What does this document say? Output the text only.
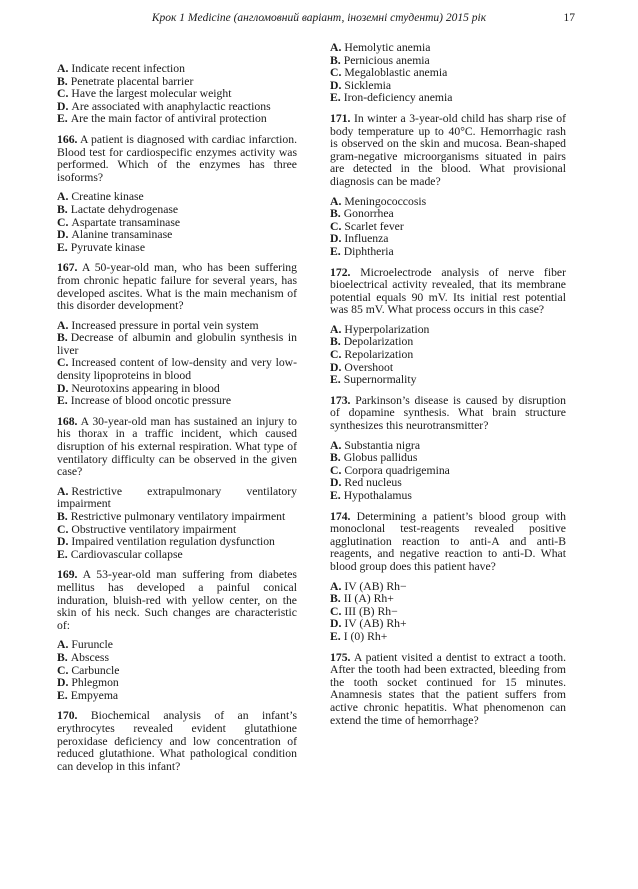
Крок 1 Medicine (англомовний варіант, іноземні студенти) 2015 рік	17
A. Indicate recent infection
B. Penetrate placental barrier
C. Have the largest molecular weight
D. Are associated with anaphylactic reactions
E. Are the main factor of antiviral protection
166. A patient is diagnosed with cardiac infarction. Blood test for cardiospecific enzymes activity was performed. Which of the enzymes has three isoforms?
A. Creatine kinase
B. Lactate dehydrogenase
C. Aspartate transaminase
D. Alanine transaminase
E. Pyruvate kinase
167. A 50-year-old man, who has been suffering from chronic hepatic failure for several years, has developed ascites. What is the main mechanism of this disorder development?
A. Increased pressure in portal vein system
B. Decrease of albumin and globulin synthesis in liver
C. Increased content of low-density and very low-density lipoproteins in blood
D. Neurotoxins appearing in blood
E. Increase of blood oncotic pressure
168. A 30-year-old man has sustained an injury to his thorax in a traffic incident, which caused disruption of his external respiration. What type of ventilatory difficulty can be observed in the given case?
A. Restrictive extrapulmonary ventilatory impairment
B. Restrictive pulmonary ventilatory impairment
C. Obstructive ventilatory impairment
D. Impaired ventilation regulation dysfunction
E. Cardiovascular collapse
169. A 53-year-old man suffering from diabetes mellitus has developed a painful conical induration, bluish-red with yellow center, on the skin of his neck. Such changes are characteristic of:
A. Furuncle
B. Abscess
C. Carbuncle
D. Phlegmon
E. Empyema
170. Biochemical analysis of an infant’s erythrocytes revealed evident glutathione peroxidase deficiency and low concentration of reduced glutathione. What pathological condition can develop in this infant?
A. Hemolytic anemia
B. Pernicious anemia
C. Megaloblastic anemia
D. Sicklemia
E. Iron-deficiency anemia
171. In winter a 3-year-old child has sharp rise of body temperature up to 40°C. Hemorrhagic rash is observed on the skin and mucosa. Bean-shaped gram-negative microorganisms situated in pairs are detected in the blood. What provisional diagnosis can be made?
A. Meningococcosis
B. Gonorrhea
C. Scarlet fever
D. Influenza
E. Diphtheria
172. Microelectrode analysis of nerve fiber bioelectrical activity revealed, that its membrane potential equals 90 mV. Its initial rest potential was 85 mV. What process occurs in this case?
A. Hyperpolarization
B. Depolarization
C. Repolarization
D. Overshoot
E. Supernormality
173. Parkinson’s disease is caused by disruption of dopamine synthesis. What brain structure synthesizes this neurotransmitter?
A. Substantia nigra
B. Globus pallidus
C. Corpora quadrigemina
D. Red nucleus
E. Hypothalamus
174. Determining a patient’s blood group with monoclonal test-reagents revealed positive agglutination reaction to anti-A and anti-B reagents, and negative reaction to anti-D. What blood group does this patient have?
A. IV (AB) Rh−
B. II (A) Rh+
C. III (B) Rh−
D. IV (AB) Rh+
E. I (0) Rh+
175. A patient visited a dentist to extract a tooth. After the tooth had been extracted, bleeding from the tooth socket continued for 15 minutes. Anamnesis states that the patient suffers from active chronic hepatitis. What phenomenon can extend the time of hemorrhage?
